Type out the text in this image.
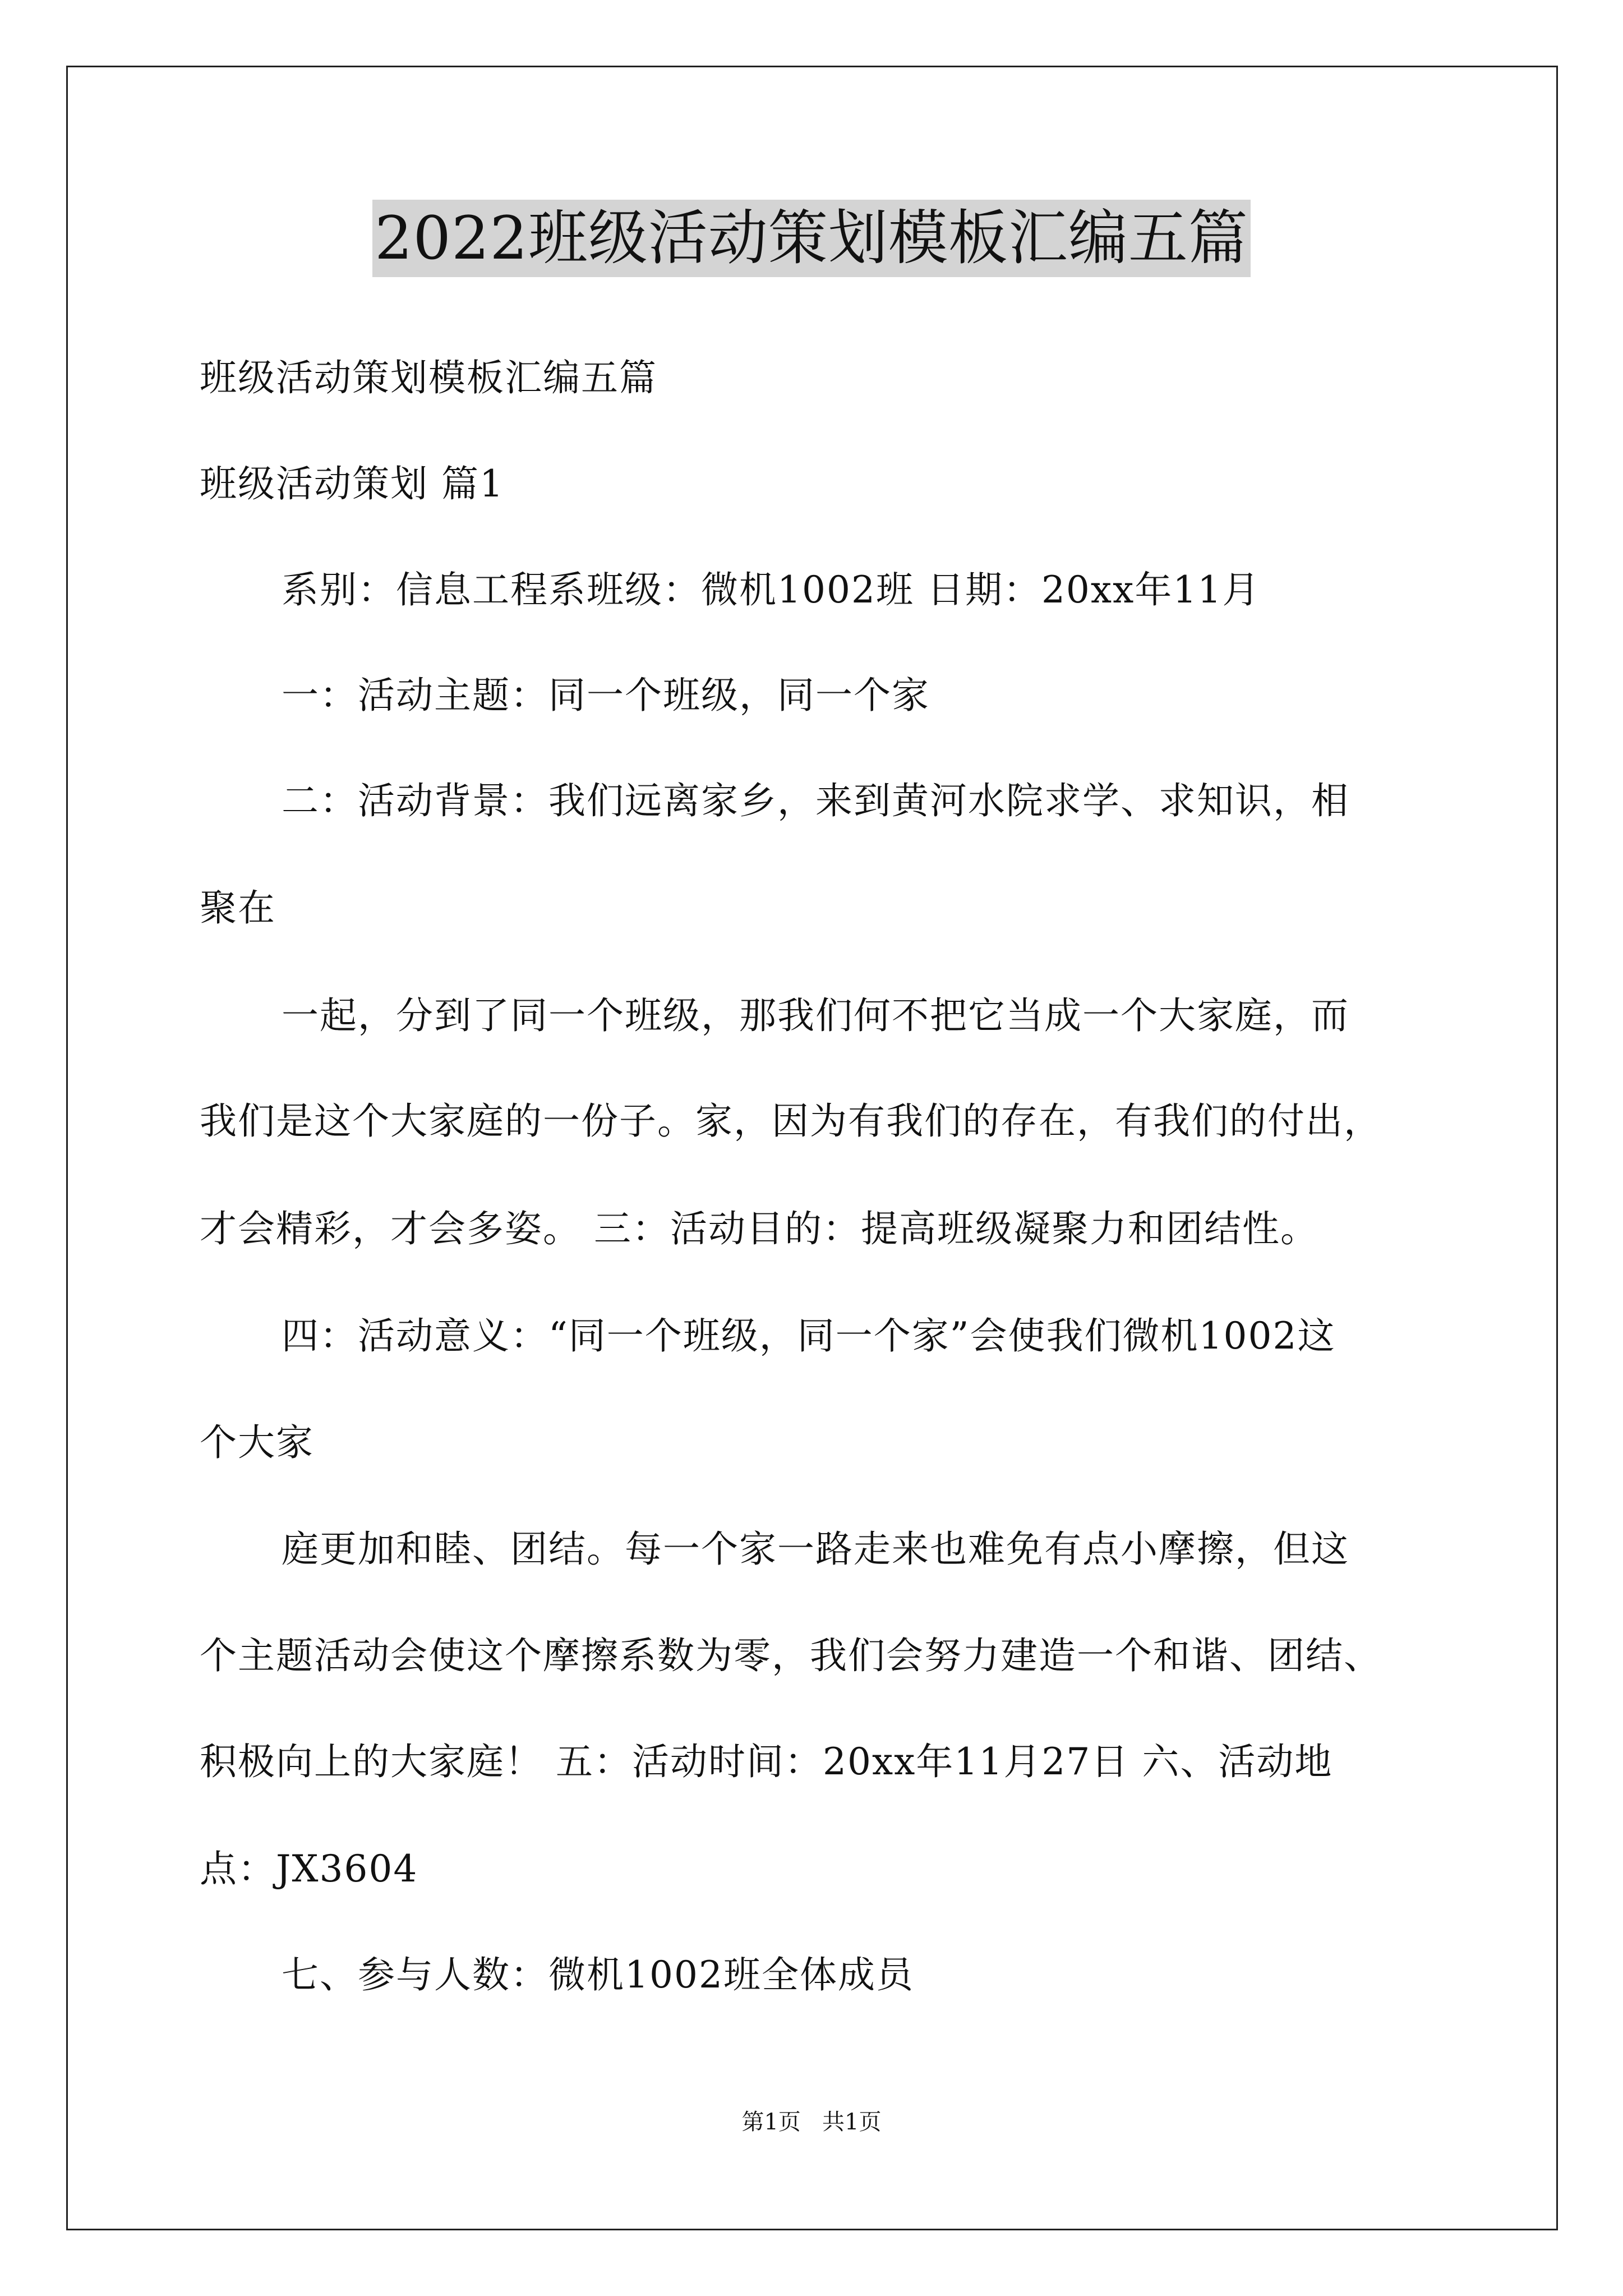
2022班级活动策划模板汇编五篇
班级活动策划模板汇编五篇
班级活动策划 篇1
系别：信息工程系班级：微机1002班 日期：20xx年11月
一：活动主题：同一个班级，同一个家
二：活动背景：我们远离家乡，来到黄河水院求学、求知识，相
聚在
一起，分到了同一个班级，那我们何不把它当成一个大家庭，而
我们是这个大家庭的一份子。家，因为有我们的存在，有我们的付出，
才会精彩，才会多姿。 三：活动目的：提高班级凝聚力和团结性。
四：活动意义：“同一个班级，同一个家”会使我们微机1002这
个大家
庭更加和睦、团结。每一个家一路走来也难免有点小摩擦，但这
个主题活动会使这个摩擦系数为零，我们会努力建造一个和谐、团结、
积极向上的大家庭！ 五：活动时间：20xx年11月27日 六、活动地
点：JX3604
七、参与人数：微机1002班全体成员
第1页   共1页
